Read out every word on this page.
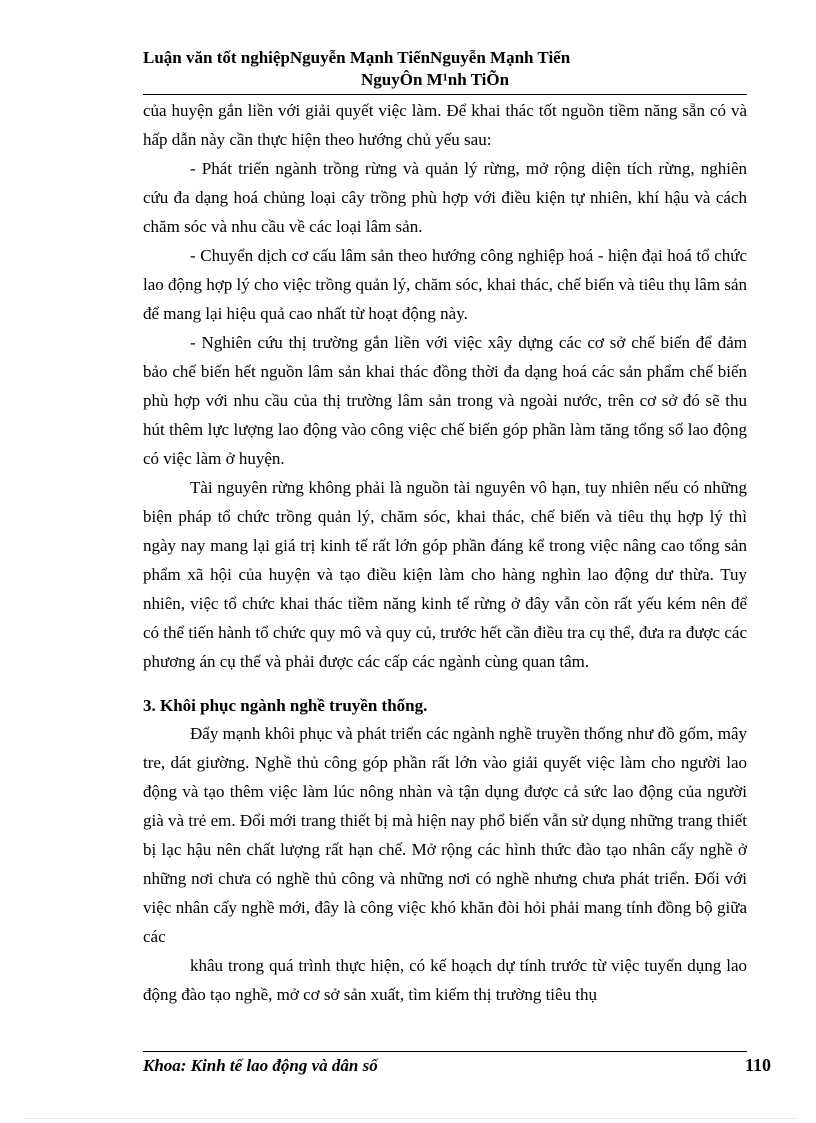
Luận văn tốt nghiệpNguyễn Mạnh TiếnNguyễn Mạnh Tiến
NguyÔn M¹nh TiÕn

của huyện gắn liền với giải quyết việc làm. Để khai thác tốt nguồn tiềm năng sẵn có và hấp dẫn này cần thực hiện theo hướng chủ yếu sau:

- Phát triển ngành trồng rừng và quản lý rừng, mở rộng diện tích rừng, nghiên cứu đa dạng hoá chủng loại cây trồng phù hợp với điều kiện tự nhiên, khí hậu và cách chăm sóc và nhu cầu về các loại lâm sản.

- Chuyển dịch cơ cấu lâm sản theo hướng công nghiệp hoá - hiện đại hoá tổ chức lao động hợp lý cho việc trồng quản lý, chăm sóc, khai thác, chế biến và tiêu thụ lâm sản để mang lại hiệu quả cao nhất từ hoạt động này.

- Nghiên cứu thị trường gắn liền với việc xây dựng các cơ sở chế biến để đảm bảo chế biến hết nguồn lâm sản khai thác đồng thời đa dạng hoá các sản phẩm chế biến phù hợp với nhu cầu của thị trường lâm sản trong và ngoài nước, trên cơ sở đó sẽ thu hút thêm lực lượng lao động vào công việc chế biến góp phần làm tăng tổng số lao động có việc làm ở huyện.

Tài nguyên rừng không phải là nguồn tài nguyên vô hạn, tuy nhiên nếu có những biện pháp tổ chức trồng quản lý, chăm sóc, khai thác, chế biến và tiêu thụ hợp lý thì ngày nay mang lại giá trị kinh tế rất lớn góp phần đáng kể trong việc nâng cao tổng sản phẩm xã hội của huyện và tạo điều kiện làm cho hàng nghìn lao động dư thừa. Tuy nhiên, việc tổ chức khai thác tiềm năng kinh tế rừng ở đây vẫn còn rất yếu kém nên để có thể tiến hành tổ chức quy mô và quy củ, trước hết cần điều tra cụ thể, đưa ra được các phương án cụ thể và phải được các cấp các ngành cùng quan tâm.

3. Khôi phục ngành nghề truyền thống.

Đẩy mạnh khôi phục và phát triển các ngành nghề truyền thống như đồ gốm, mây tre, dát giường. Nghề thủ công góp phần rất lớn vào giải quyết việc làm cho người lao động và tạo thêm việc làm lúc nông nhàn và tận dụng được cả sức lao động của người già và trẻ em. Đổi mới trang thiết bị mà hiện nay phổ biến vẫn sử dụng những trang thiết bị lạc hậu nên chất lượng rất hạn chế. Mở rộng các hình thức đào tạo nhân cấy nghề ở những nơi chưa có nghề thủ công và những nơi có nghề nhưng chưa phát triển. Đối với việc nhân cấy nghề mới, đây là công việc khó khăn đòi hỏi phải mang tính đồng bộ giữa các

khâu trong quá trình thực hiện, có kế hoạch dự tính trước từ việc tuyển dụng lao động đào tạo nghề, mở cơ sở sản xuất, tìm kiếm thị trường tiêu thụ

Khoa: Kinh tế lao động và dân số	110
